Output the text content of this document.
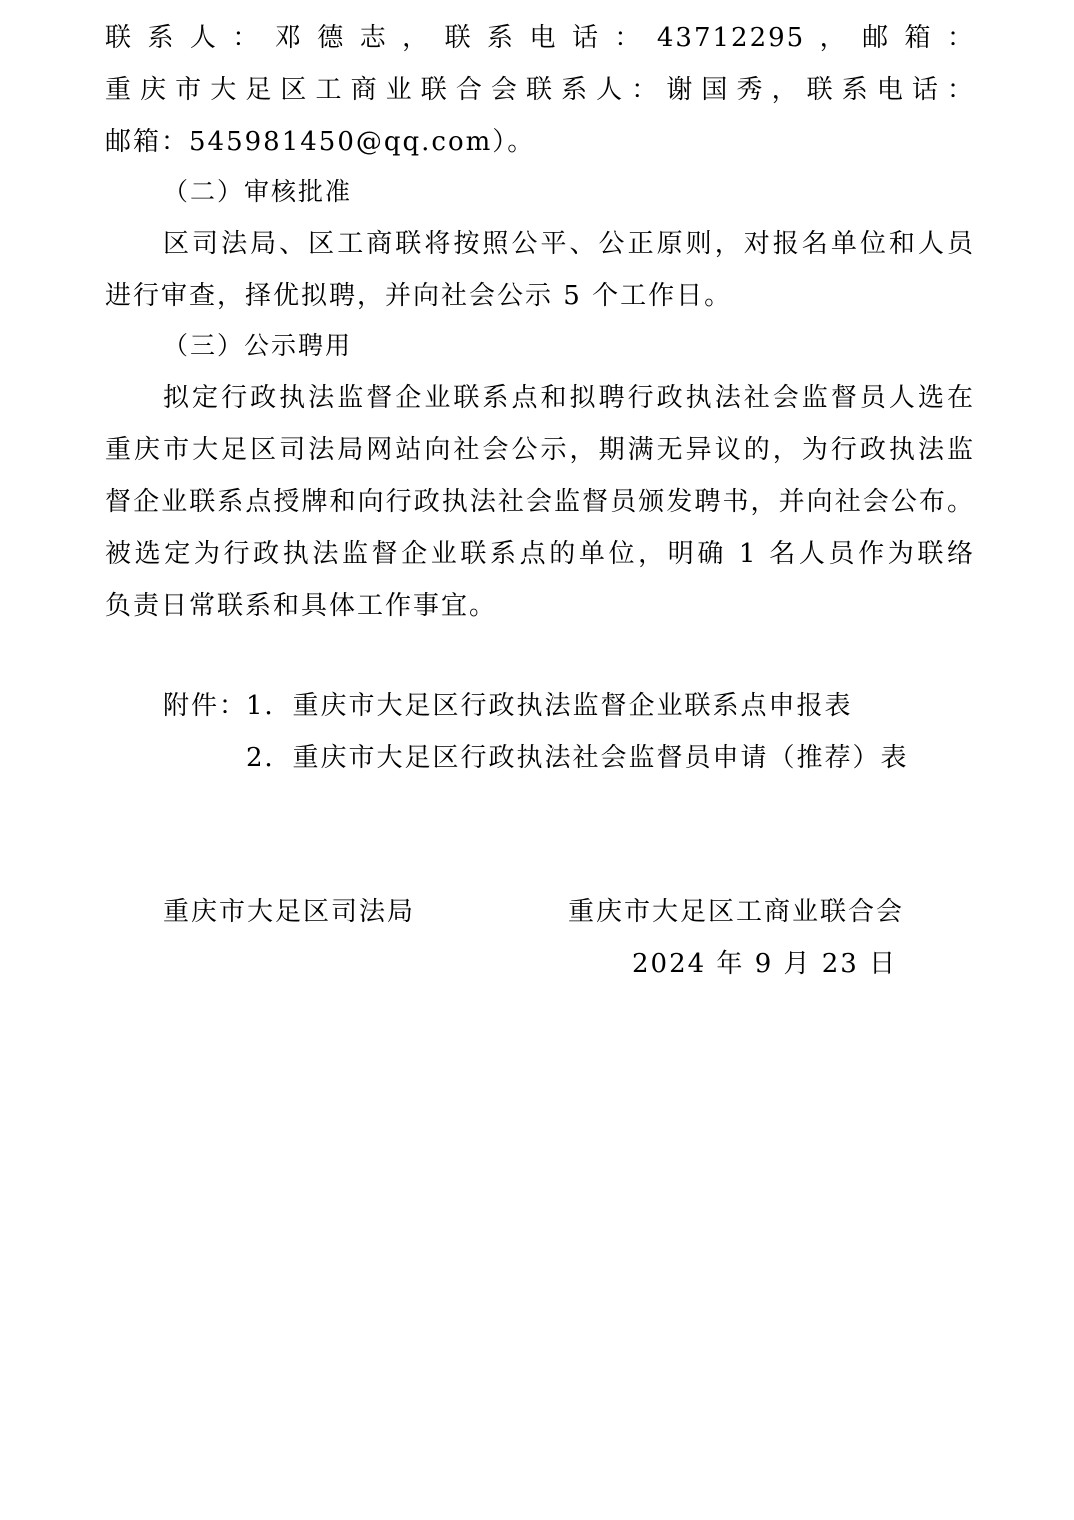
联系人：邓德志，联系电话：43712295，邮箱：
重庆市大足区工商业联合会联系人：谢国秀，联系电话：
邮箱：545981450@qq.com）。
（二）审核批准
区司法局、区工商联将按照公平、公正原则，对报名单位和人员
进行审查，择优拟聘，并向社会公示 5 个工作日。
（三）公示聘用
拟定行政执法监督企业联系点和拟聘行政执法社会监督员人选在
重庆市大足区司法局网站向社会公示，期满无异议的，为行政执法监
督企业联系点授牌和向行政执法社会监督员颁发聘书，并向社会公布。
被选定为行政执法监督企业联系点的单位，明确 1 名人员作为联络
负责日常联系和具体工作事宜。
附件：
1．重庆市大足区行政执法监督企业联系点申报表
2．重庆市大足区行政执法社会监督员申请（推荐）表
重庆市大足区司法局	重庆市大足区工商业联合会
2024 年 9 月 23 日
